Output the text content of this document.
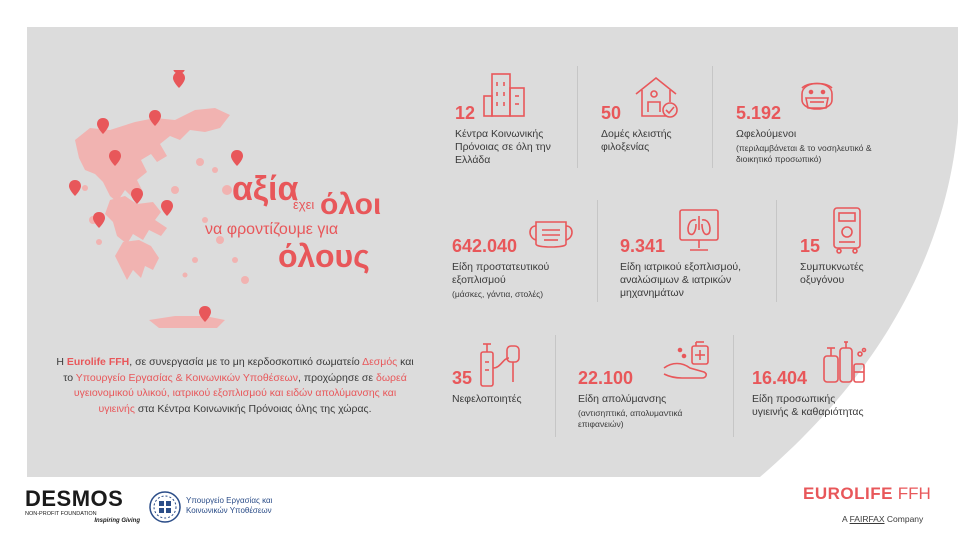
αξία
έχει όλοι
να φροντίζουμε για
όλους
Η Eurolife FFH, σε συνεργασία με το μη κερδοσκοπικό σωματείο Δεσμός και το Υπουργείο Εργασίας & Κοινωνικών Υποθέσεων, προχώρησε σε δωρεά υγειονομικού υλικού, ιατρικού εξοπλισμού και ειδών απολύμανσης και υγιεινής στα Κέντρα Κοινωνικής Πρόνοιας όλης της χώρας.
12
Κέντρα Κοινωνικής Πρόνοιας σε όλη την Ελλάδα
50
Δομές κλειστής φιλοξενίας
5.192
Ωφελούμενοι
(περιλαμβάνεται & το νοσηλευτικό & διοικητικό προσωπικό)
642.040
Είδη προστατευτικού εξοπλισμού
(μάσκες, γάντια, στολές)
9.341
Είδη ιατρικού εξοπλισμού, αναλώσιμων & ιατρικών μηχανημάτων
15
Συμπυκνωτές οξυγόνου
35
Νεφελοποιητές
22.100
Είδη απολύμανσης
(αντισηπτικά, απολυμαντικά επιφανειών)
16.404
Είδη προσωπικής υγιεινής & καθαριότητας
DESMOS
NON-PROFIT FOUNDATION
Inspiring Giving
Υπουργείο Εργασίας και
Κοινωνικών Υποθέσεων
EUROLIFE FFH
A FAIRFAX Company
